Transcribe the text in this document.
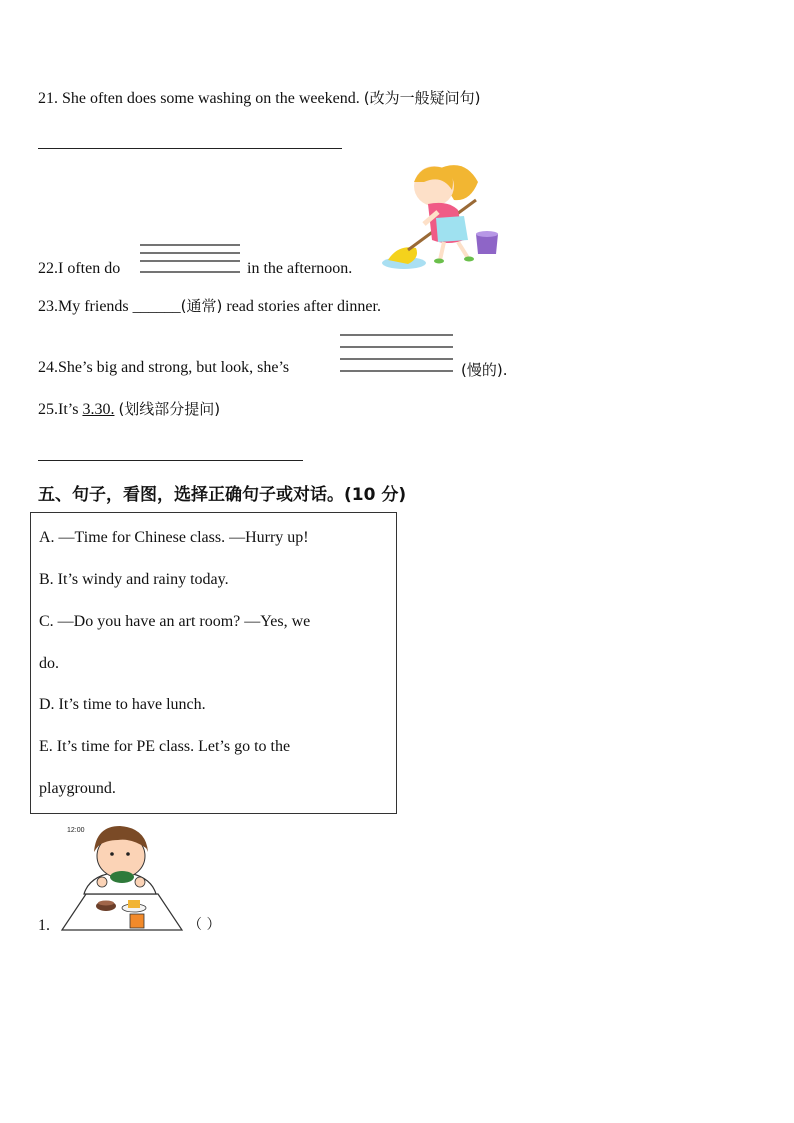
21. She often does some washing on the weekend. (改为一般疑问句)
22.I often do	in the afternoon.
23.My friends ______(通常) read stories after dinner.
24.She’s big and strong, but look, she’s	(慢的).
25.It’s 3.30. (划线部分提问)
五、句子，看图，选择正确句子或对话。(10 分)
A. —Time for Chinese class. —Hurry up!
B. It’s windy and rainy today.
C. —Do you have an art room? —Yes, we
do.
D. It’s time to have lunch.
E. It’s time for PE class. Let’s go to the
playground.
1.
12:00
（ ）
